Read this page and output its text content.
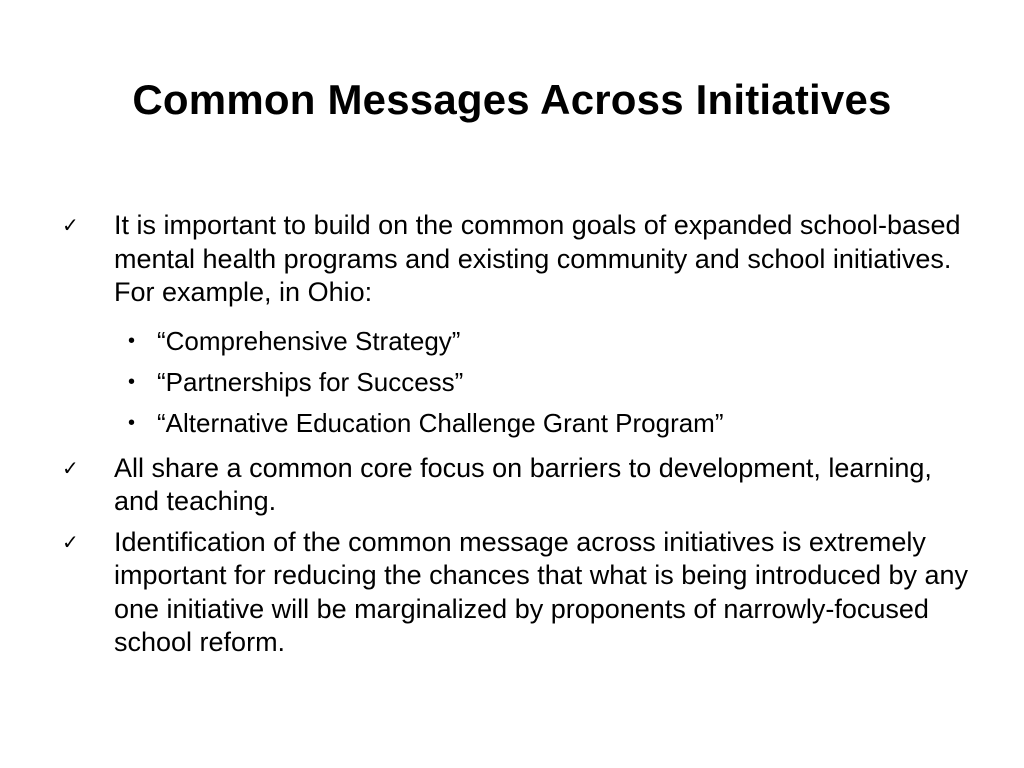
Common Messages Across Initiatives
✓ It is important to build on the common goals of expanded school-based mental health programs and existing community and school initiatives. For example, in Ohio:
• “Comprehensive Strategy”
• “Partnerships for Success”
• “Alternative Education Challenge Grant Program”
✓ All share a common core focus on barriers to development, learning, and teaching.
✓ Identification of the common message across initiatives is extremely important for reducing the chances that what is being introduced by any one initiative will be marginalized by proponents of narrowly-focused school reform.
